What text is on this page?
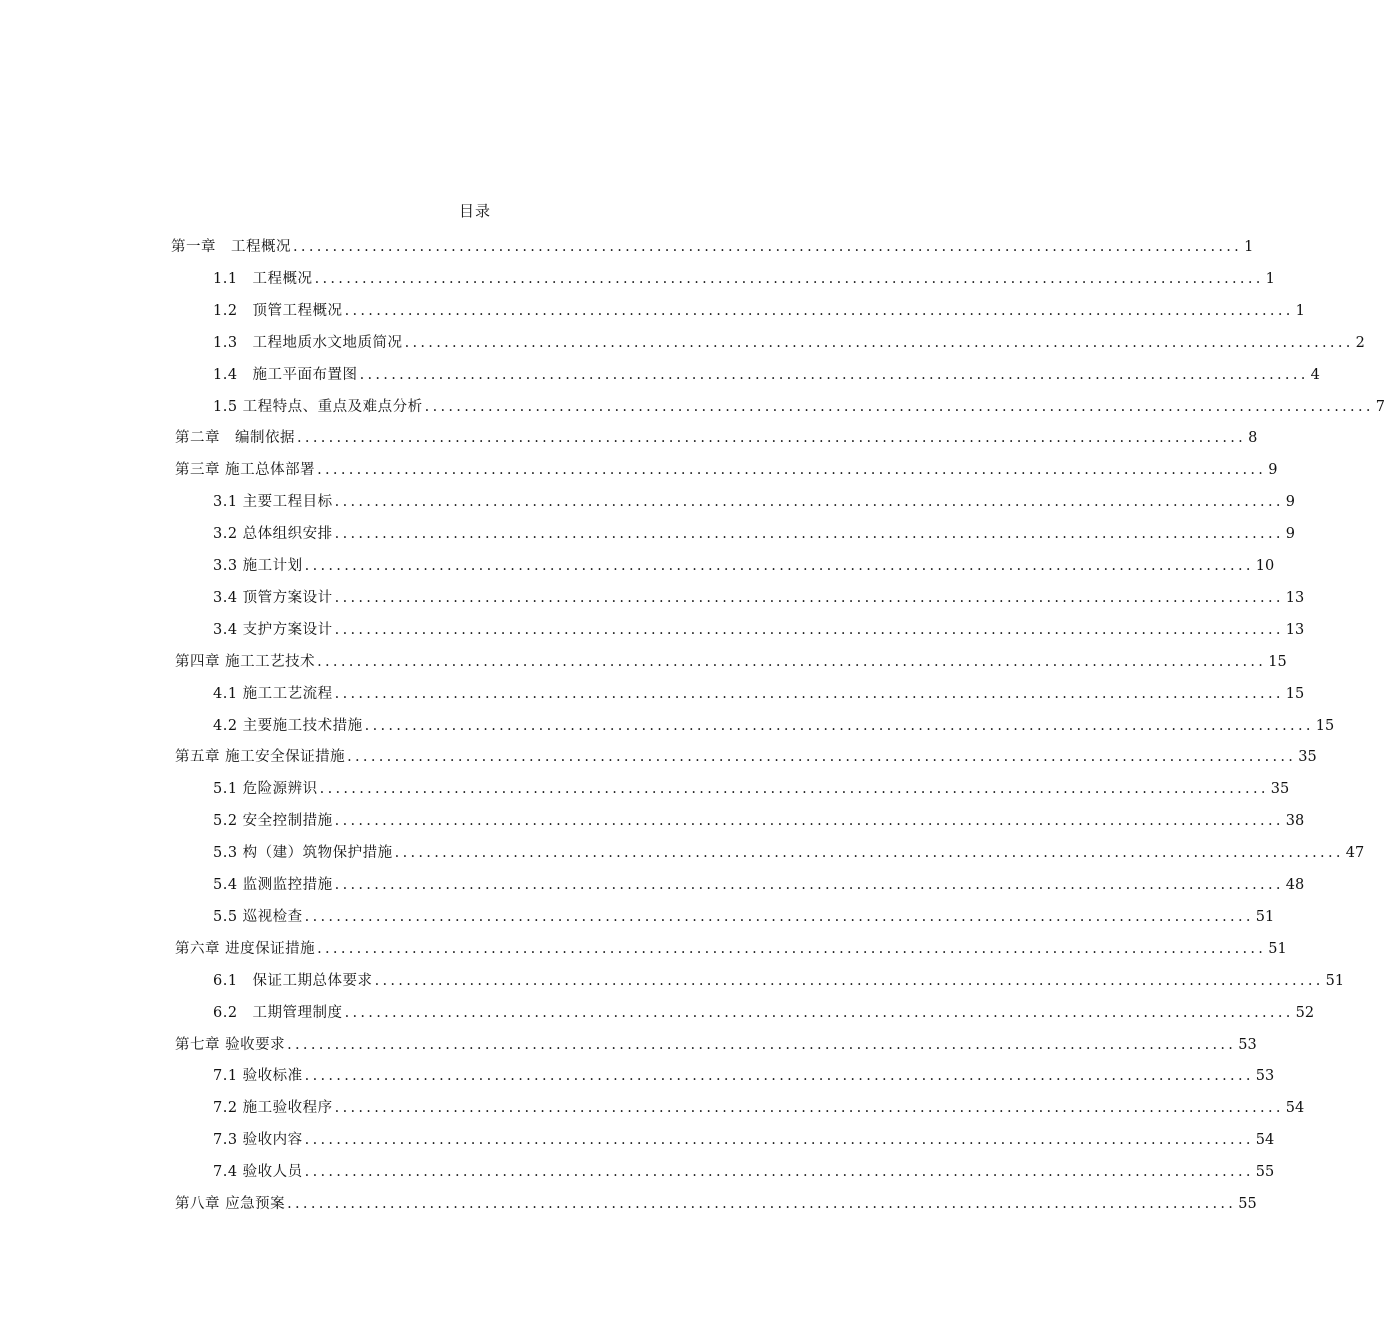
目录
第一章　工程概况 ........................................................................................................................ 1
1.1　工程概况 ........................................................................................................................ 1
1.2　顶管工程概况 ........................................................................................................................ 1
1.3　工程地质水文地质简况 ........................................................................................................................ 2
1.4　施工平面布置图 ........................................................................................................................ 4
1.5 工程特点、重点及难点分析 ........................................................................................................................ 7
第二章　编制依据 ........................................................................................................................ 8
第三章 施工总体部署 ........................................................................................................................ 9
3.1 主要工程目标 ........................................................................................................................ 9
3.2 总体组织安排 ........................................................................................................................ 9
3.3 施工计划 ........................................................................................................................ 10
3.4 顶管方案设计 ........................................................................................................................ 13
3.4 支护方案设计 ........................................................................................................................ 13
第四章 施工工艺技术 ........................................................................................................................ 15
4.1 施工工艺流程 ........................................................................................................................ 15
4.2 主要施工技术措施 ........................................................................................................................ 15
第五章 施工安全保证措施 ........................................................................................................................ 35
5.1 危险源辨识 ........................................................................................................................ 35
5.2 安全控制措施 ........................................................................................................................ 38
5.3 构（建）筑物保护措施 ........................................................................................................................ 47
5.4 监测监控措施 ........................................................................................................................ 48
5.5 巡视检查 ........................................................................................................................ 51
第六章 进度保证措施 ........................................................................................................................ 51
6.1　保证工期总体要求 ........................................................................................................................ 51
6.2　工期管理制度 ........................................................................................................................ 52
第七章 验收要求 ........................................................................................................................ 53
7.1 验收标准 ........................................................................................................................ 53
7.2 施工验收程序 ........................................................................................................................ 54
7.3 验收内容 ........................................................................................................................ 54
7.4 验收人员 ........................................................................................................................ 55
第八章 应急预案 ........................................................................................................................ 55
